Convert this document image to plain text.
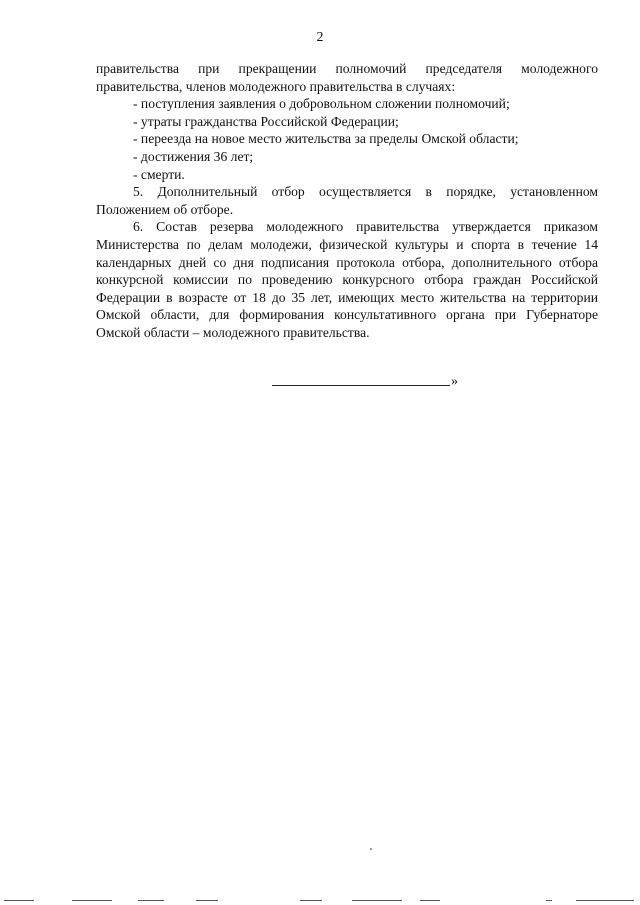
2

правительства при прекращении полномочий председателя молодежного

правительства, членов молодежного правительства в случаях:

- поступления заявления о добровольном сложении полномочий;

- утраты гражданства Российской Федерации;

- переезда на новое место жительства за пределы Омской области;

- достижения 36 лет;

- смерти.

5. Дополнительный отбор осуществляется в порядке, установленном Положением об отборе.

6. Состав резерва молодежного правительства утверждается приказом Министерства по делам молодежи, физической культуры и спорта в течение 14 календарных дней со дня подписания протокола отбора, дополнительного отбора конкурсной комиссии по проведению конкурсного отбора граждан Российской Федерации в возрасте от 18 до 35 лет, имеющих место жительства на территории Омской области, для формирования консультативного органа при Губернаторе Омской области – молодежного правительства.

»
